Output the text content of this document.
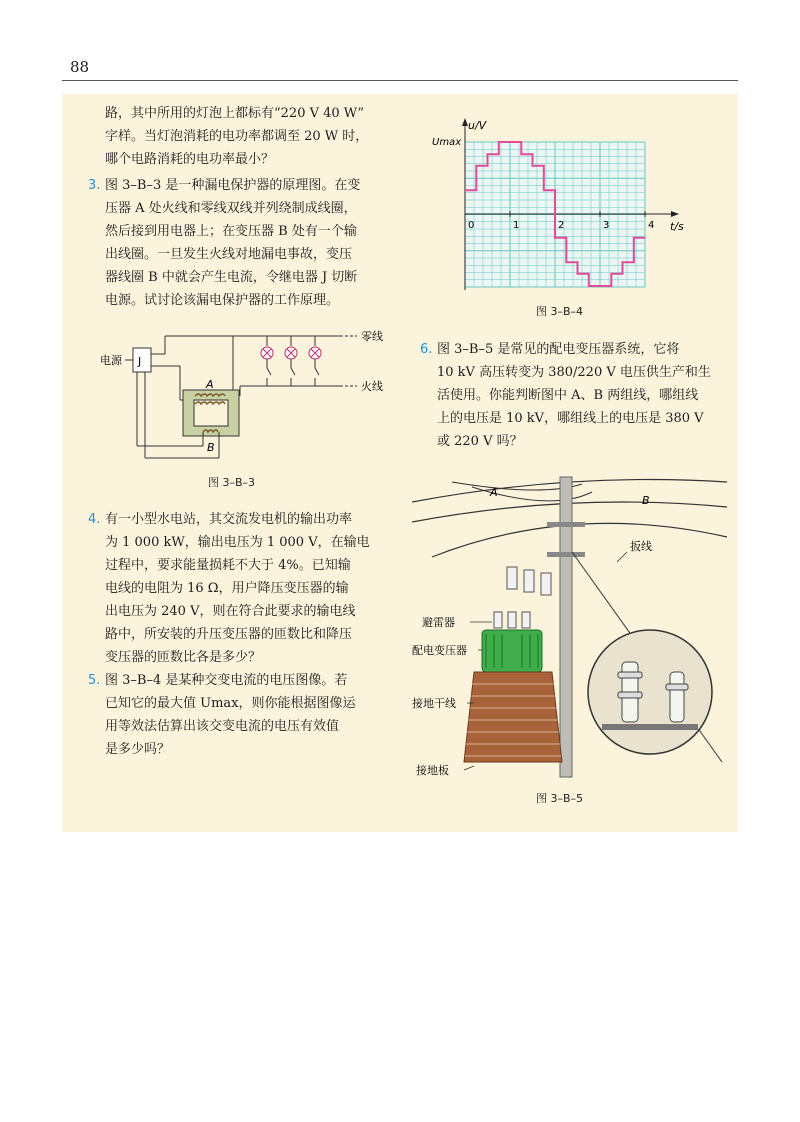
88

路，其中所用的灯泡上都标有“220 V 40 W”

字样。当灯泡消耗的电功率都调至 20 W 时，

哪个电路消耗的电功率最小？

3. 图 3–B–3 是一种漏电保护器的原理图。在变

压器 A 处火线和零线双线并列绕制成线圈，

然后接到用电器上；在变压器 B 处有一个输

出线圈。一旦发生火线对地漏电事故，变压

器线圈 B 中就会产生电流，令继电器 J 切断

电源。试讨论该漏电保护器的工作原理。

零线
火线
电源 J
A
B
图 3–B–3
4. 有一小型水电站，其交流发电机的输出功率

为 1 000 kW，输出电压为 1 000 V，在输电

过程中，要求能量损耗不大于 4%。已知输

电线的电阻为 16 Ω，用户降压变压器的输

出电压为 240 V，则在符合此要求的输电线

路中，所安装的升压变压器的匝数比和降压

变压器的匝数比各是多少？

5. 图 3–B–4 是某种交变电流的电压图像。若

已知它的最大值 Umax，则你能根据图像运

用等效法估算出该交变电流的电压有效值

是多少吗？

u/V
t/s
Umax
0	1	2	3	4
图 3–B–4
6. 图 3–B–5 是常见的配电变压器系统，它将

10 kV 高压转变为 380/220 V 电压供生产和生

活使用。你能判断图中 A、B 两组线，哪组线

上的电压是 10 kV，哪组线上的电压是 380 V

或 220 V 吗？

A
B
扳线
避雷器
配电变压器
接地干线
接地板
图 3–B–5
